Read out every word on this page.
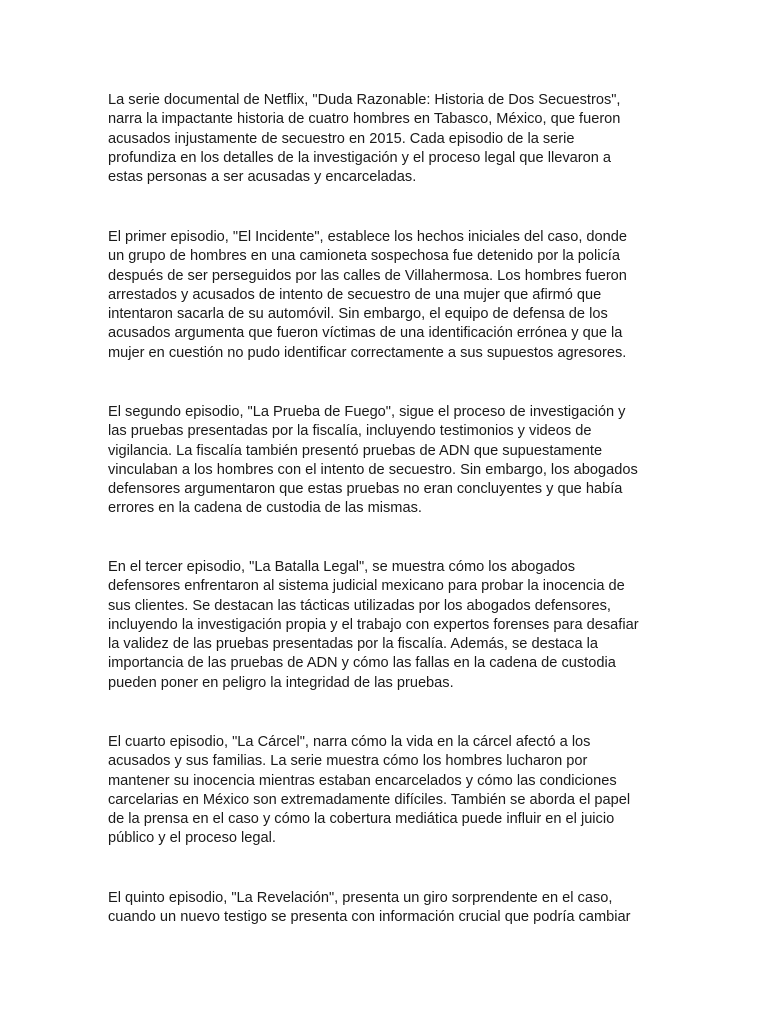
La serie documental de Netflix, "Duda Razonable: Historia de Dos Secuestros",
narra la impactante historia de cuatro hombres en Tabasco, México, que fueron
acusados injustamente de secuestro en 2015. Cada episodio de la serie
profundiza en los detalles de la investigación y el proceso legal que llevaron a
estas personas a ser acusadas y encarceladas.

El primer episodio, "El Incidente", establece los hechos iniciales del caso, donde
un grupo de hombres en una camioneta sospechosa fue detenido por la policía
después de ser perseguidos por las calles de Villahermosa. Los hombres fueron
arrestados y acusados de intento de secuestro de una mujer que afirmó que
intentaron sacarla de su automóvil. Sin embargo, el equipo de defensa de los
acusados argumenta que fueron víctimas de una identificación errónea y que la
mujer en cuestión no pudo identificar correctamente a sus supuestos agresores.

El segundo episodio, "La Prueba de Fuego", sigue el proceso de investigación y
las pruebas presentadas por la fiscalía, incluyendo testimonios y videos de
vigilancia. La fiscalía también presentó pruebas de ADN que supuestamente
vinculaban a los hombres con el intento de secuestro. Sin embargo, los abogados
defensores argumentaron que estas pruebas no eran concluyentes y que había
errores en la cadena de custodia de las mismas.

En el tercer episodio, "La Batalla Legal", se muestra cómo los abogados
defensores enfrentaron al sistema judicial mexicano para probar la inocencia de
sus clientes. Se destacan las tácticas utilizadas por los abogados defensores,
incluyendo la investigación propia y el trabajo con expertos forenses para desafiar
la validez de las pruebas presentadas por la fiscalía. Además, se destaca la
importancia de las pruebas de ADN y cómo las fallas en la cadena de custodia
pueden poner en peligro la integridad de las pruebas.

El cuarto episodio, "La Cárcel", narra cómo la vida en la cárcel afectó a los
acusados y sus familias. La serie muestra cómo los hombres lucharon por
mantener su inocencia mientras estaban encarcelados y cómo las condiciones
carcelarias en México son extremadamente difíciles. También se aborda el papel
de la prensa en el caso y cómo la cobertura mediática puede influir en el juicio
público y el proceso legal.

El quinto episodio, "La Revelación", presenta un giro sorprendente en el caso,
cuando un nuevo testigo se presenta con información crucial que podría cambiar
